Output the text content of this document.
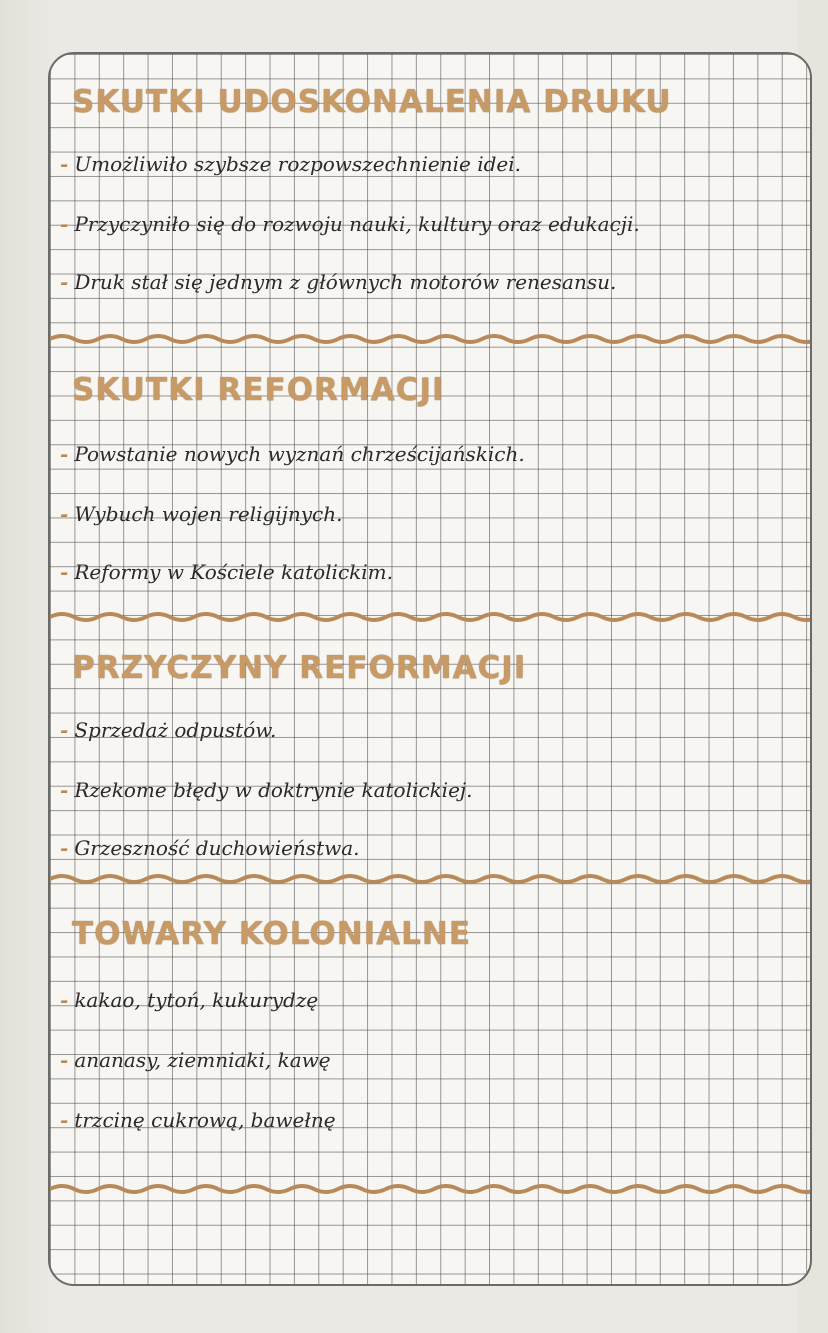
SKUTKI UDOSKONALENIA DRUKU

- Umożliwiło szybsze rozpowszechnienie idei.

- Przyczyniło się do rozwoju nauki, kultury oraz edukacji.

- Druk stał się jednym z głównych motorów renesansu.

SKUTKI REFORMACJI

- Powstanie nowych wyznań chrześcijańskich.

- Wybuch wojen religijnych.

- Reformy w Kościele katolickim.

PRZYCZYNY REFORMACJI

- Sprzedaż odpustów.

- Rzekome błędy w doktrynie katolickiej.

- Grzeszność duchowieństwa.

TOWARY KOLONIALNE

- kakao, tytoń, kukurydzę

- ananasy, ziemniaki, kawę

- trzcinę cukrową, bawełnę
